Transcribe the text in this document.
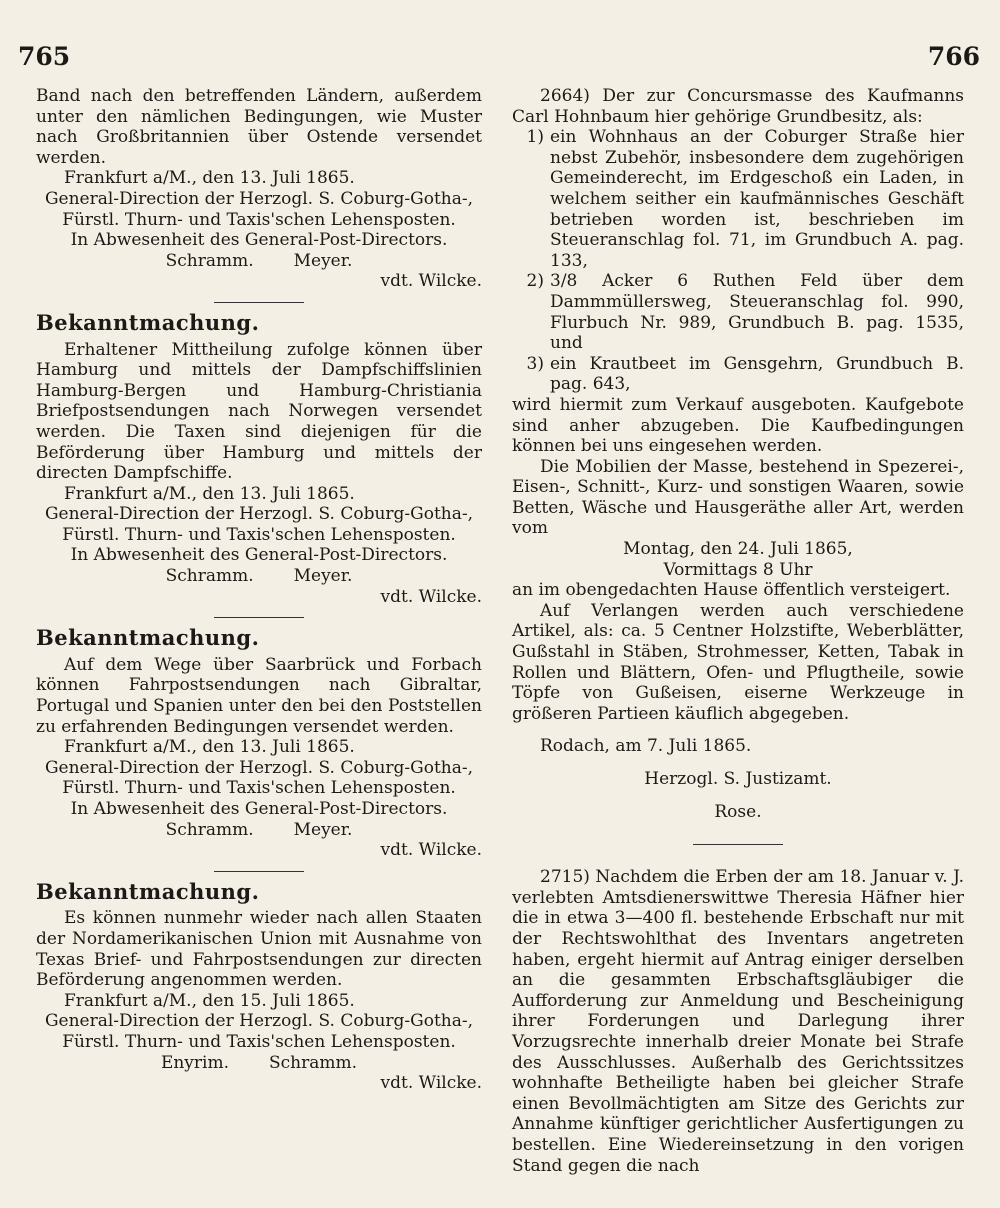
765	766

Band nach den betreffenden Ländern, außerdem unter den nämlichen Bedingungen, wie Muster nach Großbritannien über Ostende versendet werden.

Frankfurt a/M., den 13. Juli 1865.

General-Direction der Herzogl. S. Coburg-Gotha-,

Fürstl. Thurn- und Taxis'schen Lehensposten.

In Abwesenheit des General-Post-Directors.

Schramm. Meyer.

vdt. Wilcke.

Bekanntmachung.

Erhaltener Mittheilung zufolge können über Hamburg und mittels der Dampfschiffslinien Hamburg-Bergen und Hamburg-Christiania Briefpostsendungen nach Norwegen versendet werden. Die Taxen sind diejenigen für die Beförderung über Hamburg und mittels der directen Dampfschiffe.

Frankfurt a/M., den 13. Juli 1865.

General-Direction der Herzogl. S. Coburg-Gotha-,

Fürstl. Thurn- und Taxis'schen Lehensposten.

In Abwesenheit des General-Post-Directors.

Schramm. Meyer.

vdt. Wilcke.

Bekanntmachung.

Auf dem Wege über Saarbrück und Forbach können Fahrpostsendungen nach Gibraltar, Portugal und Spanien unter den bei den Poststellen zu erfahrenden Bedingungen versendet werden.

Frankfurt a/M., den 13. Juli 1865.

General-Direction der Herzogl. S. Coburg-Gotha-,

Fürstl. Thurn- und Taxis'schen Lehensposten.

In Abwesenheit des General-Post-Directors.

Schramm. Meyer.

vdt. Wilcke.

Bekanntmachung.

Es können nunmehr wieder nach allen Staaten der Nordamerikanischen Union mit Ausnahme von Texas Brief- und Fahrpostsendungen zur directen Beförderung angenommen werden.

Frankfurt a/M., den 15. Juli 1865.

General-Direction der Herzogl. S. Coburg-Gotha-,

Fürstl. Thurn- und Taxis'schen Lehensposten.

Enyrim. Schramm.

vdt. Wilcke.

2664) Der zur Concursmasse des Kaufmanns Carl Hohnbaum hier gehörige Grundbesitz, als:

1) ein Wohnhaus an der Coburger Straße hier nebst Zubehör, insbesondere dem zugehörigen Gemeinderecht, im Erdgeschoß ein Laden, in welchem seither ein kaufmännisches Geschäft betrieben worden ist, beschrieben im Steueranschlag fol. 71, im Grundbuch A. pag. 133,
2) 3/8 Acker 6 Ruthen Feld über dem Dammmüllersweg, Steueranschlag fol. 990, Flurbuch Nr. 989, Grundbuch B. pag. 1535, und
3) ein Krautbeet im Gensgehrn, Grundbuch B. pag. 643,

wird hiermit zum Verkauf ausgeboten. Kaufgebote sind anher abzugeben. Die Kaufbedingungen können bei uns eingesehen werden.

Die Mobilien der Masse, bestehend in Spezerei-, Eisen-, Schnitt-, Kurz- und sonstigen Waaren, sowie Betten, Wäsche und Hausgeräthe aller Art, werden vom

Montag, den 24. Juli 1865,

Vormittags 8 Uhr

an im obengedachten Hause öffentlich versteigert.

Auf Verlangen werden auch verschiedene Artikel, als: ca. 5 Centner Holzstifte, Weberblätter, Gußstahl in Stäben, Strohmesser, Ketten, Tabak in Rollen und Blättern, Ofen- und Pflugtheile, sowie Töpfe von Gußeisen, eiserne Werkzeuge in größeren Partieen käuflich abgegeben.

Rodach, am 7. Juli 1865.

Herzogl. S. Justizamt.

Rose.

2715) Nachdem die Erben der am 18. Januar v. J. verlebten Amtsdienerswittwe Theresia Häfner hier die in etwa 3—400 fl. bestehende Erbschaft nur mit der Rechtswohlthat des Inventars angetreten haben, ergeht hiermit auf Antrag einiger derselben an die gesammten Erbschaftsgläubiger die Aufforderung zur Anmeldung und Bescheinigung ihrer Forderungen und Darlegung ihrer Vorzugsrechte innerhalb dreier Monate bei Strafe des Ausschlusses. Außerhalb des Gerichtssitzes wohnhafte Betheiligte haben bei gleicher Strafe einen Bevollmächtigten am Sitze des Gerichts zur Annahme künftiger gerichtlicher Ausfertigungen zu bestellen. Eine Wiedereinsetzung in den vorigen Stand gegen die nach
